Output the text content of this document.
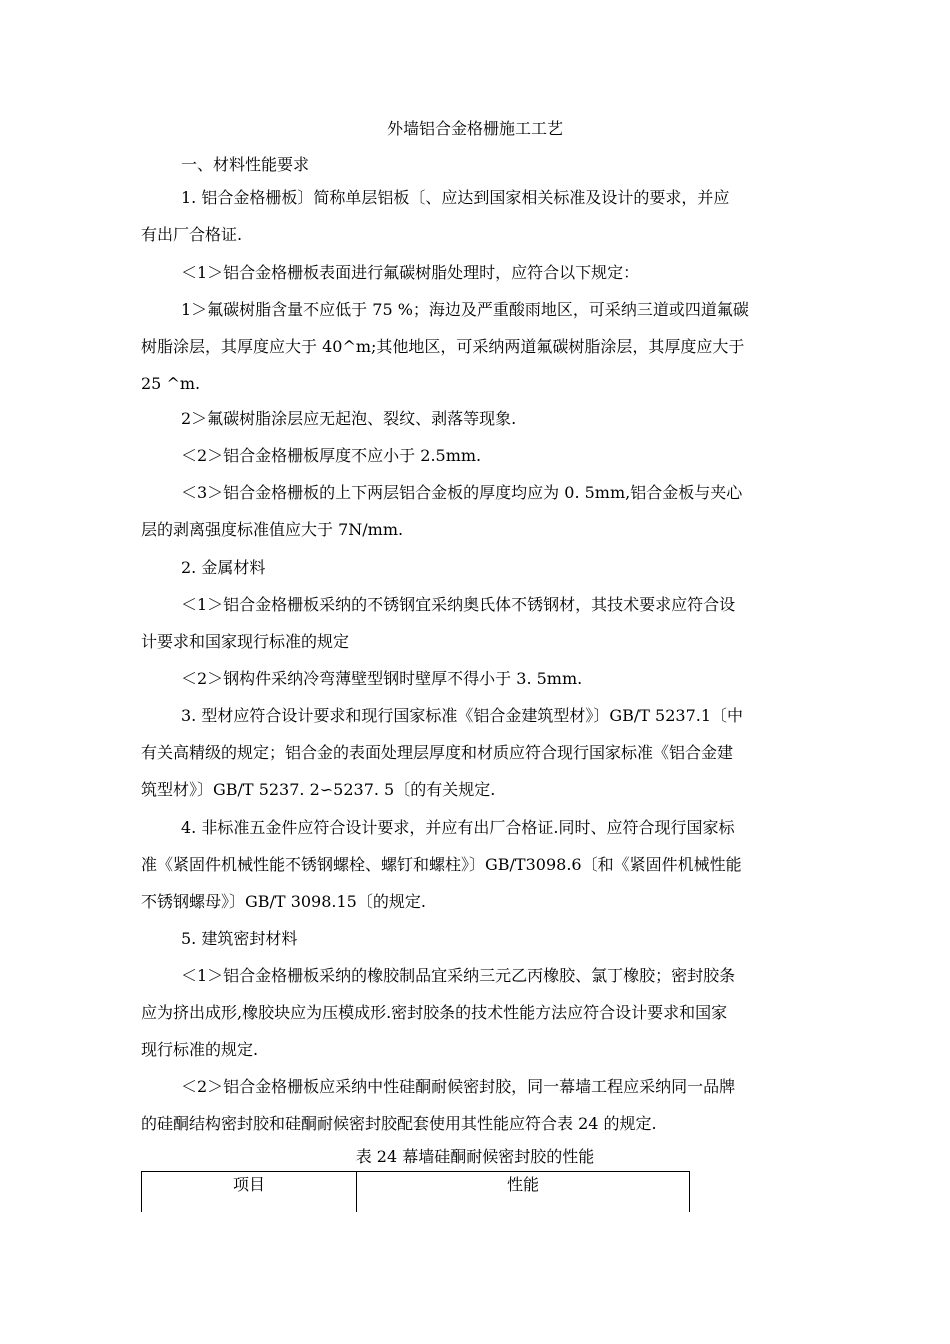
外墙铝合金格栅施工工艺
一、材料性能要求
1. 铝合金格栅板〕简称单层铝板〔、应达到国家相关标准及设计的要求，并应
有出厂合格证.
＜1＞铝合金格栅板表面进行氟碳树脂处理时，应符合以下规定：
1＞氟碳树脂含量不应低于 75 %；海边及严重酸雨地区，可采纳三道或四道氟碳
树脂涂层，其厚度应大于 40^m;其他地区，可采纳两道氟碳树脂涂层，其厚度应大于
25 ^m.
2＞氟碳树脂涂层应无起泡、裂纹、剥落等现象.
＜2＞铝合金格栅板厚度不应小于 2.5mm.
＜3＞铝合金格栅板的上下两层铝合金板的厚度均应为 0. 5mm,铝合金板与夹心
层的剥离强度标准值应大于 7N/mm.
2. 金属材料
＜1＞铝合金格栅板采纳的不锈钢宜采纳奥氏体不锈钢材，其技术要求应符合设
计要求和国家现行标准的规定
＜2＞钢构件采纳冷弯薄壁型钢时壁厚不得小于 3. 5mm.
3. 型材应符合设计要求和现行国家标准《铝合金建筑型材》〕GB/T 5237.1〔中
有关高精级的规定；铝合金的表面处理层厚度和材质应符合现行国家标准《铝合金建
筑型材》〕GB/T 5237. 2∽5237. 5〔的有关规定.
4. 非标准五金件应符合设计要求，并应有出厂合格证.同时、应符合现行国家标
准《紧固件机械性能不锈钢螺栓、螺钉和螺柱》〕GB/T3098.6〔和《紧固件机械性能
不锈钢螺母》〕GB/T 3098.15〔的规定.
5. 建筑密封材料
＜1＞铝合金格栅板采纳的橡胶制品宜采纳三元乙丙橡胶、氯丁橡胶；密封胶条
应为挤出成形,橡胶块应为压模成形.密封胶条的技术性能方法应符合设计要求和国家
现行标准的规定.
＜2＞铝合金格栅板应采纳中性硅酮耐候密封胶，同一幕墙工程应采纳同一品牌
的硅酮结构密封胶和硅酮耐候密封胶配套使用其性能应符合表 24 的规定.
表 24 幕墙硅酮耐候密封胶的性能
项目	性能
